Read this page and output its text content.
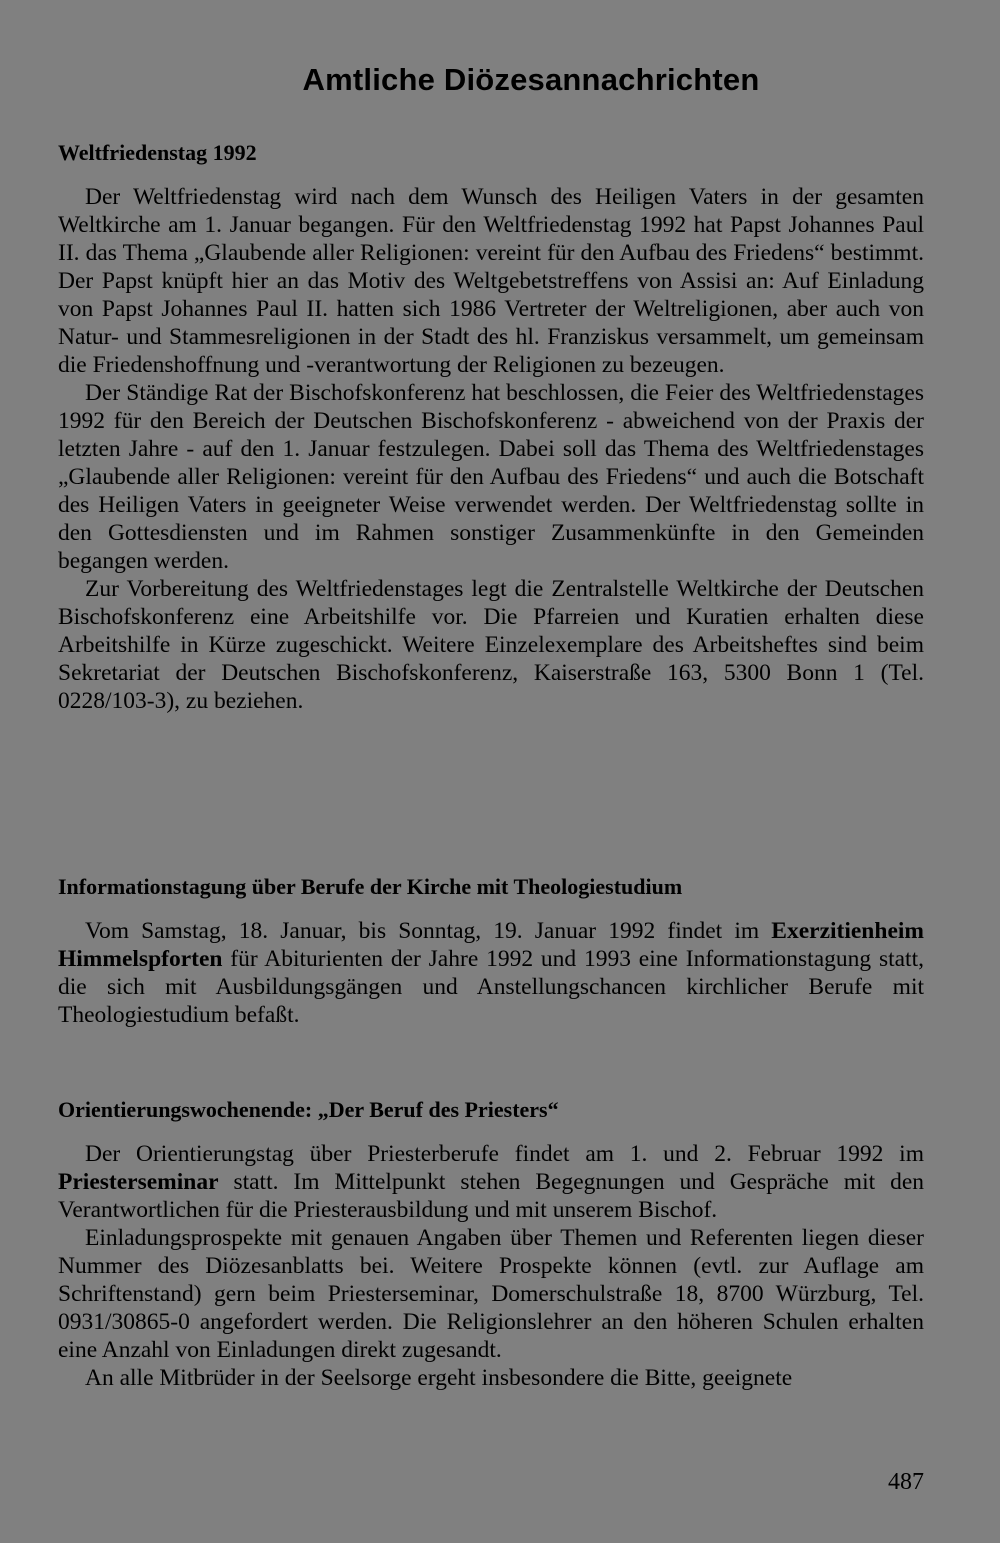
Amtliche Diözesannachrichten
Weltfriedenstag 1992

Der Weltfriedenstag wird nach dem Wunsch des Heiligen Vaters in der gesamten Weltkirche am 1. Januar begangen. Für den Weltfriedenstag 1992 hat Papst Johannes Paul II. das Thema „Glaubende aller Religionen: vereint für den Aufbau des Friedens“ bestimmt. Der Papst knüpft hier an das Motiv des Weltgebetstreffens von Assisi an: Auf Einladung von Papst Johannes Paul II. hatten sich 1986 Vertreter der Weltreligionen, aber auch von Natur- und Stammesreligionen in der Stadt des hl. Franziskus versammelt, um gemeinsam die Friedenshoffnung und -verantwortung der Religionen zu bezeugen.

Der Ständige Rat der Bischofskonferenz hat beschlossen, die Feier des Weltfriedenstages 1992 für den Bereich der Deutschen Bischofskonferenz - abweichend von der Praxis der letzten Jahre - auf den 1. Januar festzulegen. Dabei soll das Thema des Weltfriedenstages „Glaubende aller Religionen: vereint für den Aufbau des Friedens“ und auch die Botschaft des Heiligen Vaters in geeigneter Weise verwendet werden. Der Weltfriedenstag sollte in den Gottesdiensten und im Rahmen sonstiger Zusammenkünfte in den Gemeinden begangen werden.

Zur Vorbereitung des Weltfriedenstages legt die Zentralstelle Weltkirche der Deutschen Bischofskonferenz eine Arbeitshilfe vor. Die Pfarreien und Kuratien erhalten diese Arbeitshilfe in Kürze zugeschickt. Weitere Einzelexemplare des Arbeitsheftes sind beim Sekretariat der Deutschen Bischofskonferenz, Kaiserstraße 163, 5300 Bonn 1 (Tel. 0228/103-3), zu beziehen.

Informationstagung über Berufe der Kirche mit Theologiestudium

Vom Samstag, 18. Januar, bis Sonntag, 19. Januar 1992 findet im Exerzitienheim Himmelspforten für Abiturienten der Jahre 1992 und 1993 eine Informationstagung statt, die sich mit Ausbildungsgängen und Anstellungschancen kirchlicher Berufe mit Theologiestudium befaßt.

Orientierungswochenende: „Der Beruf des Priesters“

Der Orientierungstag über Priesterberufe findet am 1. und 2. Februar 1992 im Priesterseminar statt. Im Mittelpunkt stehen Begegnungen und Gespräche mit den Verantwortlichen für die Priesterausbildung und mit unserem Bischof.

Einladungsprospekte mit genauen Angaben über Themen und Referenten liegen dieser Nummer des Diözesanblatts bei. Weitere Prospekte können (evtl. zur Auflage am Schriftenstand) gern beim Priesterseminar, Domerschulstraße 18, 8700 Würzburg, Tel. 0931/30865-0 angefordert werden. Die Religionslehrer an den höheren Schulen erhalten eine Anzahl von Einladungen direkt zugesandt.

An alle Mitbrüder in der Seelsorge ergeht insbesondere die Bitte, geeignete

487
